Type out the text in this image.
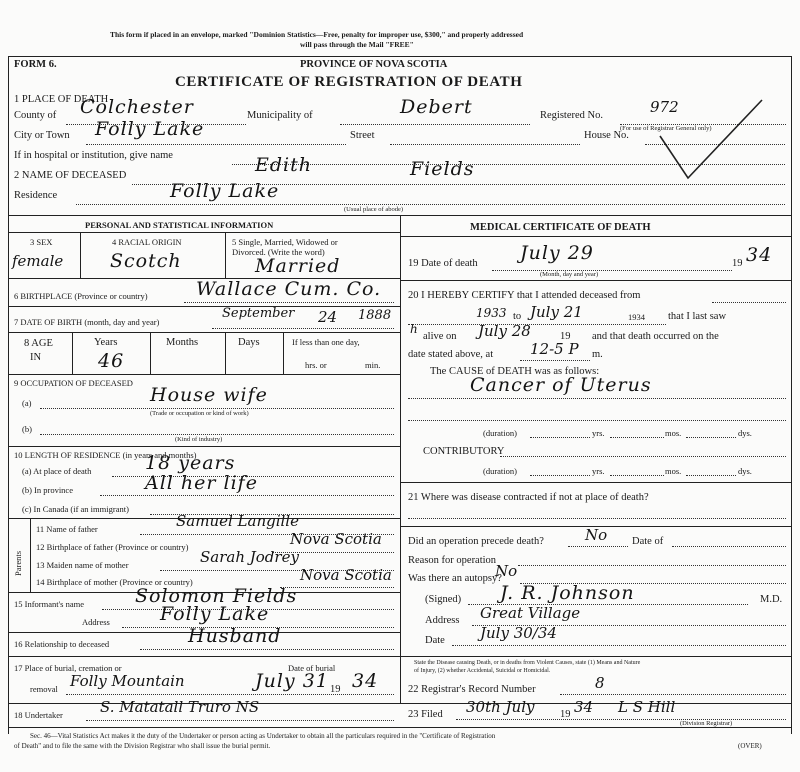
This form if placed in an envelope, marked "Dominion Statistics—Free, penalty for improper use, $300," and properly addressed
will pass through the Mail "FREE"
FORM 6.	PROVINCE OF NOVA SCOTIA
CERTIFICATE OF REGISTRATION OF DEATH
1 PLACE OF DEATH
County of Colchester	Municipality of	Debert	Registered No.	972
(For use of Registrar General only)
City or Town Folly Lake	Street	House No.
If in hospital or institution, give name
2 NAME OF DECEASED	Edith	Fields
Residence	Folly Lake
(Usual place of abode)
PERSONAL AND STATISTICAL INFORMATION
3 SEX
female
4 RACIAL ORIGIN
Scotch
5 Single, Married, Widowed or
Divorced. (Write the word)
Married
6 BIRTHPLACE (Province or country)	Wallace Cum. Co.
7 DATE OF BIRTH (month, day and year)
September 24 1888
8 AGE
IN
Years
46
Months	Days	If less than one day,
hrs. or	min.
9 OCCUPATION OF DECEASED
(a)	House wife
(Trade or occupation or kind of work)
(b)
(Kind of industry)
10 LENGTH OF RESIDENCE (in years and months)
(a) At place of death	18 years
(b) In province	All her life
(c) In Canada (if an immigrant)
Parents
11 Name of father	Samuel Langille
12 Birthplace of father (Province or country)	Nova Scotia
13 Maiden name of mother	Sarah Jodrey
14 Birthplace of mother (Province or country)	Nova Scotia
15 Informant's name	Solomon Fields
Address	Folly Lake
16 Relationship to deceased	Husband
17 Place of burial, cremation or	Date of burial
removal Folly Mountain	July 31 19 34
18 Undertaker S. Matatall Truro NS
MEDICAL CERTIFICATE OF DEATH
19 Date of death July 29	19 34
(Month, day and year)
20 I HEREBY CERTIFY that I attended deceased from
1933 to July 21	1934 that I last saw
h
alive on July 28	19 and that death occurred on the
date stated above, at 12-5 P m.
The CAUSE of DEATH was as follows:
Cancer of Uterus
(duration)	yrs.	mos.	dys.
CONTRIBUTORY
(duration)	yrs.	mos.	dys.
21 Where was disease contracted if not at place of death?
Did an operation precede death?	No Date of
Reason for operation
Was there an autopsy?
No
(Signed) J. R. Johnson	M.D.
Address Great Village
Date July 30/34
State the Disease causing Death, or in deaths from Violent Causes, state (1) Means and Nature
of Injury, (2) whether Accidental, Suicidal or Homicidal.
22 Registrar's Record Number	8
23 Filed 30th July 19 34 L S Hill
(Division Registrar)
Sec. 46—Vital Statistics Act makes it the duty of the Undertaker or person acting as Undertaker to obtain all the particulars required in the "Certificate of Registration
of Death" and to file the same with the Division Registrar who shall issue the burial permit.	(OVER)
